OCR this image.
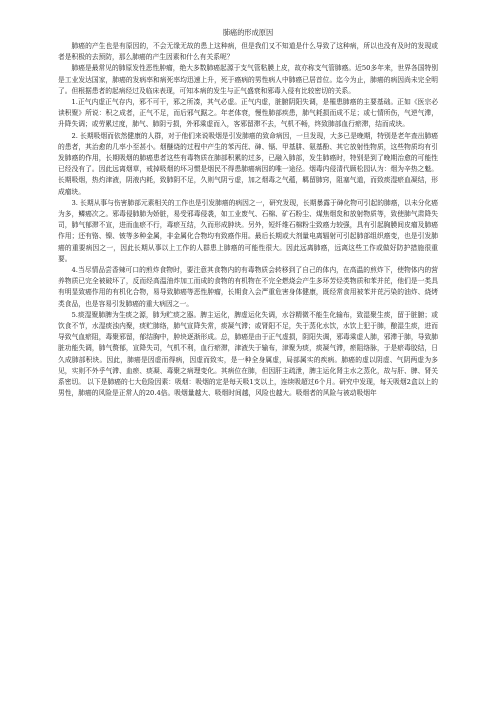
肺癌的形成原因

肺癌的产生也是有原因的，不会无缘无故的患上这种病，但是我们又不知道是什么导致了这种病，所以也没有及时的发现或者是积极的去预防，那么肺癌的产生因素和什么有关系呢？

肺癌是最常见的肺原发性恶性肿瘤，绝大多数肺癌起源于支气管粘膜上皮，故亦称支气管肺癌。近50多年来，世界各国特别是工业发达国家，肺癌的发病率和病死率均迅速上升，死于癌病的男性病人中肺癌已居首位。迄今为止，肺癌的病因尚未完全明了。但根据患者的起病经过及临床表现，可知本病的发生与正气盛衰和邪毒入侵有比较密切的关系。

1.正气内虚正气存内，邪不可干，邪之所凑，其气必虚。正气内虚，脏腑阴阳失调，是罹患肺癌的主要基础。正如《医宗必读积聚》所说：积之成者，正气不足，而后邪气踞之。年老体衰，慢性肺部疾患，肺气耗损而成不足；或七情所伤，气逆气滞，升降失调；或劳累过度，肺气、肺阴亏损，外邪乘虚而入，客邪留滞不去，气机不畅，终致肺部血行瘀滞，结而成块。

2. 长期吸烟而依然健康的人群，对于他们来说吸烟是引发肺癌的致命病因，一旦发现，大多已是晚期，特别是老年查出肺癌的患者，其治愈的几率小至甚小。烟醚烧的过程中产生的苯丙芘、砷、镉、甲基肼、氨基酚、其它放射性物质，这些物质均有引发肺癌的作用，长期吸烟的肺癌患者这些有毒物质在肺部积累的过多，已融入肺部，发生肺癌时，特别是到了晚期治愈的可能性已经没有了。因此远离烟草，戒掉吸烟的坏习惯是烟民不得患肺癌病因的唯一途径。烟毒内侵清代顾松园认为：烟为辛热之魁。长期吸烟，热灼津液，阴液内耗，致肺阴不足，久则气阴亏虚，加之烟毒之气蕴，羁留肺窍，阻塞气道，而致痰湿瘀血凝结，形成瘤块。

3. 长期从事与伤害肺部元素相关的工作也是引发肺癌的病因之一，研究发现，长期暴露于砷化物可引起的肺癌，以未分化癌为多，鳞癌次之。邪毒侵肺肺为娇脏，易受邪毒侵袭，如工业废气、石棉、矿石粉尘、煤焦烟炱和放射物质等，致使肺气肃降失司，肺气郁滞不宣，进而血瘀不行，毒瘀互结，久而形成肿块。另外，短纤维石棉粉尘致癌力较强，具有引起胸膜间皮瘤及肺癌作用；还有铬、镍、铍等多种金属，非金属化合物均有致癌作用。最后长期或大剂量电离辐射可引起肺部组织癌变，也是引发肺癌的重要病因之一，因此长期从事以上工作的人群患上肺癌的可能性很大。因此远离肺癌，远离这些工作或做好防护措施很重要。

4.当尽情品尝香辣可口的煎炸食物时，要注意其食物内的有毒物质会转移到了自己的体内，在高温的煎炸下，使物体内的营养物质已完全被破坏了，反而经高温油炸加工而成的食物的有机物在不完全燃烧会产生多环芳烃类物质和苯并芘，他们是一类具有明显致癌作用的有机化合物，易导致肺癌等恶性肿瘤，长期食入会严重危害身体健康，既经常食用被苯并芘污染的油炸、烧烤类食品，也是容易引发肺癌的重大病因之一。

5.痰湿聚肺脾为生痰之源，肺为贮痰之器。脾主运化，脾虚运化失调，水谷精微不能生化输布，致湿聚生痰，留于脏腑；或饮食不节，水湿痰浊内聚，痰贮肺络，肺气宣降失常，痰凝气滞；或肾阳不足，失于蒸化水饮，水饮上犯于肺，酿湿生痰，进而导致气血瘀阻，毒聚邪留，郁结胸中，肿块逐渐形成。总，肺癌是由于正气虚损，阴阳失调，邪毒乘虚人肺，邪滞于肺，导致肺脏功能失调，肺气赘郁，宣降失司，气机不利，血行瘀滞，津液失于输布，津聚为痰，痰凝气滞，瘀阻络脉，于是瘀毒胶结，日久成肺部积块。因此，肺癌是因虚而得病，因虚而致实，是一种全身属虚，局部属实的疾病。肺癌的虚以阴虚、气阴两虚为多见，实则不外乎气滞、血瘀、痰凝、毒聚之病理变化。其病位在肺，但因肝主疏泄，脾主运化肾主水之蒸化，故与肝、脾、肾关系密切。 以下是肺癌的七大危险因素：吸烟：吸烟的定是每天吸1支以上，连续吸超过6个月。研究中发现，每天吸烟2盒以上的男性，肺癌的风险是正常人的20.4倍。吸烟量越大、吸烟时间越，风险也越大。吸烟者的风险与被动吸烟年
